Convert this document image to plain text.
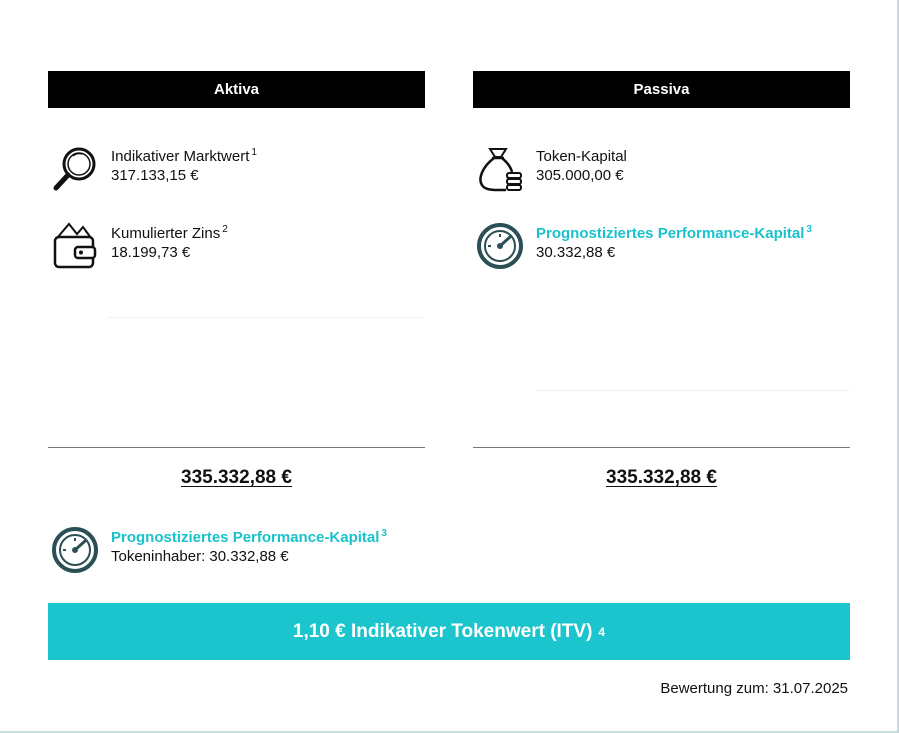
Aktiva
Indikativer Marktwert $^1$
317.133,15 €
Kumulierter Zins $^2$
18.199,73 €
335.332,88 €
Passiva
Token-Kapital
305.000,00 €
Prognostiziertes Performance-Kapital $^3$
30.332,88 €
335.332,88 €
Prognostiziertes Performance-Kapital $^3$
Tokeninhaber: 30.332,88 €
1,10 € Indikativer Tokenwert (ITV) 4
Bewertung zum: 31.07.2025
